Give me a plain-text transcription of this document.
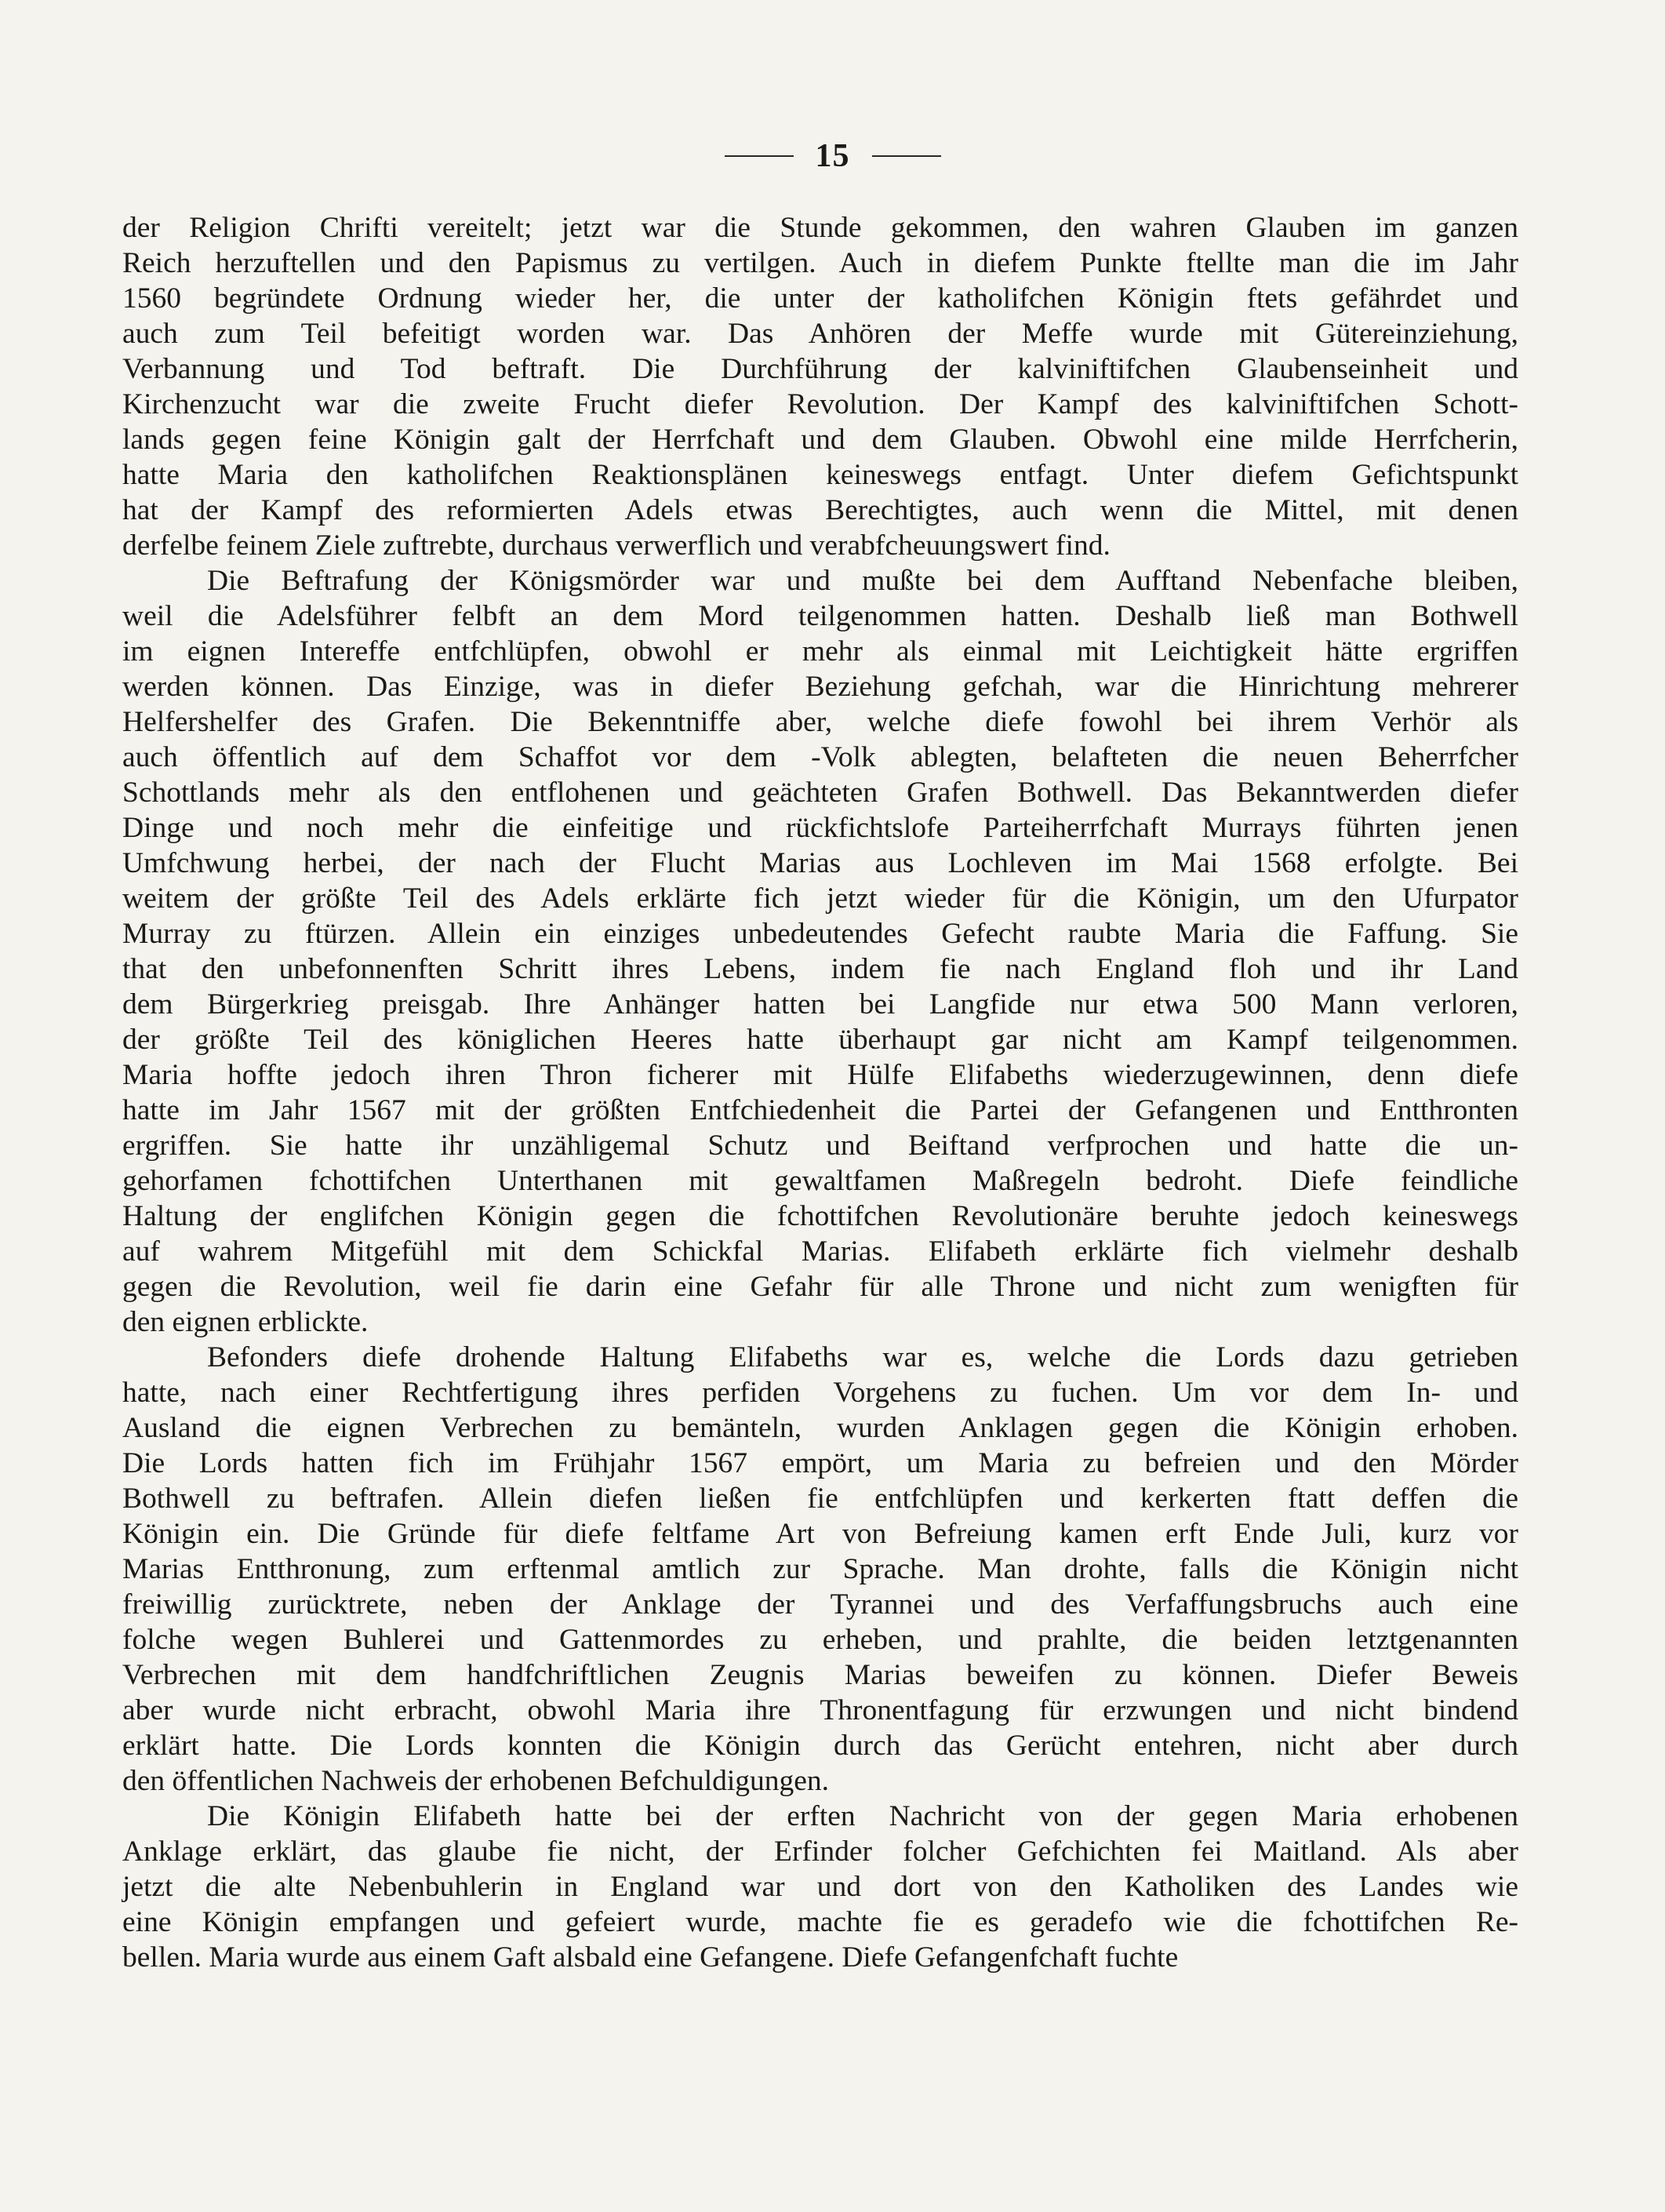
15
der Religion Chrifti vereitelt; jetzt war die Stunde gekommen, den wahren Glauben im ganzen
Reich herzuftellen und den Papismus zu vertilgen. Auch in diefem Punkte ftellte man die im Jahr
1560 begründete Ordnung wieder her, die unter der katholifchen Königin ftets gefährdet und
auch zum Teil befeitigt worden war. Das Anhören der Meffe wurde mit Gütereinziehung,
Verbannung und Tod beftraft. Die Durchführung der kalviniftifchen Glaubenseinheit und
Kirchenzucht war die zweite Frucht diefer Revolution. Der Kampf des kalviniftifchen Schott-
lands gegen feine Königin galt der Herrfchaft und dem Glauben. Obwohl eine milde Herrfcherin,
hatte Maria den katholifchen Reaktionsplänen keineswegs entfagt. Unter diefem Gefichtspunkt
hat der Kampf des reformierten Adels etwas Berechtigtes, auch wenn die Mittel, mit denen
derfelbe feinem Ziele zuftrebte, durchaus verwerflich und verabfcheuungswert find.
Die Beftrafung der Königsmörder war und mußte bei dem Aufftand Nebenfache bleiben,
weil die Adelsführer felbft an dem Mord teilgenommen hatten. Deshalb ließ man Bothwell
im eignen Intereffe entfchlüpfen, obwohl er mehr als einmal mit Leichtigkeit hätte ergriffen
werden können. Das Einzige, was in diefer Beziehung gefchah, war die Hinrichtung mehrerer
Helfershelfer des Grafen. Die Bekenntniffe aber, welche diefe fowohl bei ihrem Verhör als
auch öffentlich auf dem Schaffot vor dem -Volk ablegten, belafteten die neuen Beherrfcher
Schottlands mehr als den entflohenen und geächteten Grafen Bothwell. Das Bekanntwerden diefer
Dinge und noch mehr die einfeitige und rückfichtslofe Parteiherrfchaft Murrays führten jenen
Umfchwung herbei, der nach der Flucht Marias aus Lochleven im Mai 1568 erfolgte. Bei
weitem der größte Teil des Adels erklärte fich jetzt wieder für die Königin, um den Ufurpator
Murray zu ftürzen. Allein ein einziges unbedeutendes Gefecht raubte Maria die Faffung. Sie
that den unbefonnenften Schritt ihres Lebens, indem fie nach England floh und ihr Land
dem Bürgerkrieg preisgab. Ihre Anhänger hatten bei Langfide nur etwa 500 Mann verloren,
der größte Teil des königlichen Heeres hatte überhaupt gar nicht am Kampf teilgenommen.
Maria hoffte jedoch ihren Thron ficherer mit Hülfe Elifabeths wiederzugewinnen, denn diefe
hatte im Jahr 1567 mit der größten Entfchiedenheit die Partei der Gefangenen und Entthronten
ergriffen. Sie hatte ihr unzähligemal Schutz und Beiftand verfprochen und hatte die un-
gehorfamen fchottifchen Unterthanen mit gewaltfamen Maßregeln bedroht. Diefe feindliche
Haltung der englifchen Königin gegen die fchottifchen Revolutionäre beruhte jedoch keineswegs
auf wahrem Mitgefühl mit dem Schickfal Marias. Elifabeth erklärte fich vielmehr deshalb
gegen die Revolution, weil fie darin eine Gefahr für alle Throne und nicht zum wenigften für
den eignen erblickte.
Befonders diefe drohende Haltung Elifabeths war es, welche die Lords dazu getrieben
hatte, nach einer Rechtfertigung ihres perfiden Vorgehens zu fuchen. Um vor dem In- und
Ausland die eignen Verbrechen zu bemänteln, wurden Anklagen gegen die Königin erhoben.
Die Lords hatten fich im Frühjahr 1567 empört, um Maria zu befreien und den Mörder
Bothwell zu beftrafen. Allein diefen ließen fie entfchlüpfen und kerkerten ftatt deffen die
Königin ein. Die Gründe für diefe feltfame Art von Befreiung kamen erft Ende Juli, kurz vor
Marias Entthronung, zum erftenmal amtlich zur Sprache. Man drohte, falls die Königin nicht
freiwillig zurücktrete, neben der Anklage der Tyrannei und des Verfaffungsbruchs auch eine
folche wegen Buhlerei und Gattenmordes zu erheben, und prahlte, die beiden letztgenannten
Verbrechen mit dem handfchriftlichen Zeugnis Marias beweifen zu können. Diefer Beweis
aber wurde nicht erbracht, obwohl Maria ihre Thronentfagung für erzwungen und nicht bindend
erklärt hatte. Die Lords konnten die Königin durch das Gerücht entehren, nicht aber durch
den öffentlichen Nachweis der erhobenen Befchuldigungen.
Die Königin Elifabeth hatte bei der erften Nachricht von der gegen Maria erhobenen
Anklage erklärt, das glaube fie nicht, der Erfinder folcher Gefchichten fei Maitland. Als aber
jetzt die alte Nebenbuhlerin in England war und dort von den Katholiken des Landes wie
eine Königin empfangen und gefeiert wurde, machte fie es geradefo wie die fchottifchen Re-
bellen. Maria wurde aus einem Gaft alsbald eine Gefangene. Diefe Gefangenfchaft fuchte
